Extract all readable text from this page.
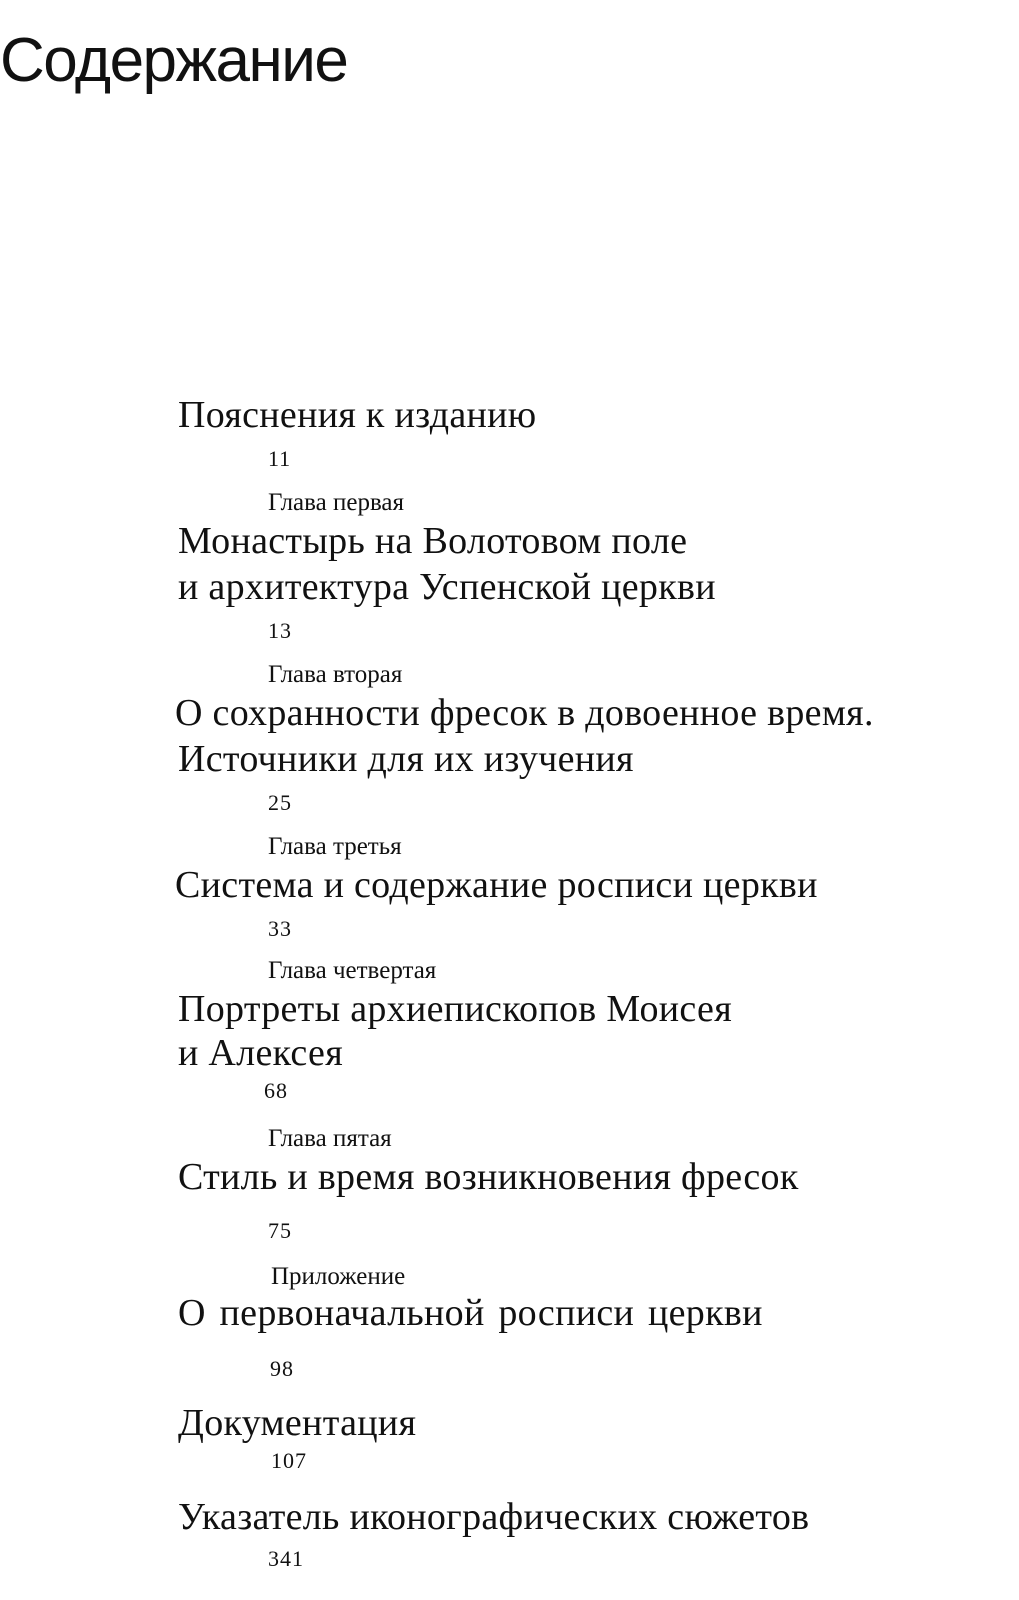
Содержание
Пояснения к изданию
11
Глава первая
Монастырь на Волотовом поле
и архитектура Успенской церкви
13
Глава вторая
О сохранности фресок в довоенное время.
Источники для их изучения
25
Глава третья
Система и содержание росписи церкви
33
Глава четвертая
Портреты архиепископов Моисея
и Алексея
68
Глава пятая
Стиль и время возникновения фресок
75
Приложение
О первоначальной росписи церкви
98
Документация
107
Указатель иконографических сюжетов
341
